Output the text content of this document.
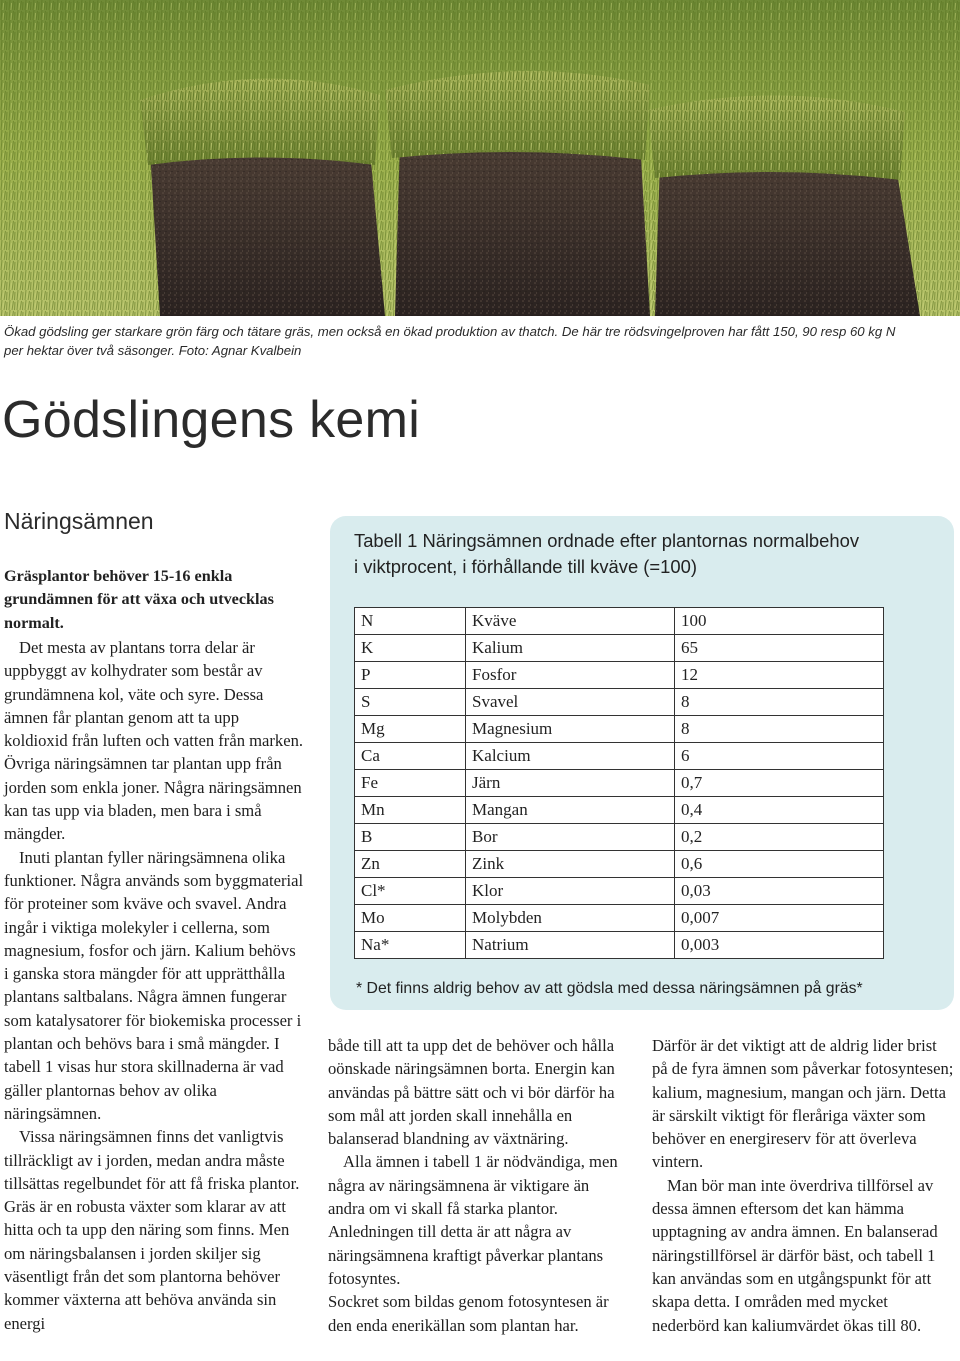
Ökad gödsling ger starkare grön färg och tätare gräs, men också en ökad produktion av thatch. De här tre rödsvingelproven har fått 150, 90 resp 60 kg N
per hektar över två säsonger. Foto: Agnar Kvalbein
Gödslingens kemi
Näringsämnen

Gräsplantor behöver 15-16 enkla grundämnen för att växa och utvecklas normalt.

Det mesta av plantans torra delar är uppbyggt av kolhydrater som består av grundämnena kol, väte och syre. Dessa ämnen får plantan genom att ta upp koldioxid från luften och vatten från marken. Övriga näringsämnen tar plantan upp från jorden som enkla joner. Några näringsämnen kan tas upp via bladen, men bara i små mängder.

Inuti plantan fyller näringsämnena olika funktioner. Några används som byggmaterial för proteiner som kväve och svavel. Andra ingår i viktiga molekyler i cellerna, som magnesium, fosfor och järn. Kalium behövs i ganska stora mängder för att upprätthålla plantans saltbalans. Några ämnen fungerar som katalysatorer för biokemiska processer i plantan och behövs bara i små mängder. I tabell 1 visas hur stora skillnaderna är vad gäller plantornas behov av olika näringsämnen.

Vissa näringsämnen finns det vanligtvis tillräckligt av i jorden, medan andra måste tillsättas regelbundet för att få friska plantor. Gräs är en robusta växter som klarar av att hitta och ta upp den näring som finns. Men om näringsbalansen i jorden skiljer sig väsentligt från det som plantorna behöver kommer växterna att behöva använda sin energi

både till att ta upp det de behöver och hålla oönskade näringsämnen borta. Energin kan användas på bättre sätt och vi bör därför ha som mål att jorden skall innehålla en balanserad blandning av växtnäring.

Alla ämnen i tabell 1 är nödvändiga, men några av näringsämnena är viktigare än andra om vi skall få starka plantor. Anledningen till detta är att några av näringsämnena kraftigt påverkar plantans fotosyntes.

Sockret som bildas genom fotosyntesen är den enda enerikällan som plantan har.

Därför är det viktigt att de aldrig lider brist på de fyra ämnen som påverkar fotosyntesen; kalium, magnesium, mangan och järn. Detta är särskilt viktigt för fleråriga växter som behöver en energireserv för att överleva vintern.

Man bör man inte överdriva tillförsel av dessa ämnen eftersom det kan hämma upptagning av andra ämnen. En balanserad näringstillförsel är därför bäst, och tabell 1 kan användas som en utgångspunkt för att skapa detta. I områden med mycket nederbörd kan kaliumvärdet ökas till 80.

Tabell 1 Näringsämnen ordnade efter plantornas normalbehov
i viktprocent, i förhållande till kväve (=100)
N	Kväve	100
K	Kalium	65
P	Fosfor	12
S	Svavel	8
Mg	Magnesium	8
Ca	Kalcium	6
Fe	Järn	0,7
Mn	Mangan	0,4
B	Bor	0,2
Zn	Zink	0,6
Cl*	Klor	0,03
Mo	Molybden	0,007
Na*	Natrium	0,003

* Det finns aldrig behov av att gödsla med dessa näringsämnen på gräs*
